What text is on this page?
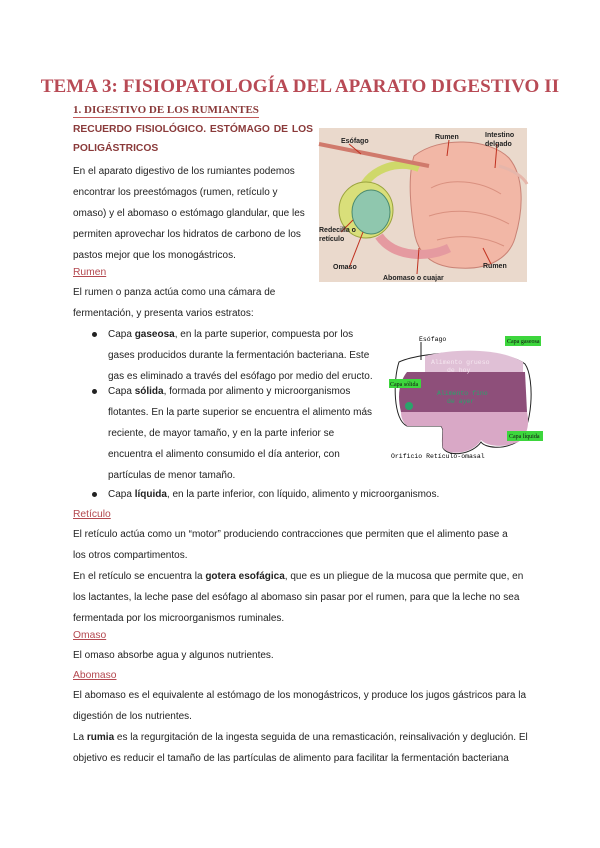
TEMA 3: FISIOPATOLOGÍA DEL APARATO DIGESTIVO II
1. DIGESTIVO DE LOS RUMIANTES
RECUERDO FISIOLÓGICO. ESTÓMAGO DE LOS POLIGÁSTRICOS
En el aparato digestivo de los rumiantes podemos
encontrar los preestómagos (rumen, retículo y
omaso) y el abomaso o estómago glandular, que les
permiten aprovechar los hidratos de carbono de los
pastos mejor que los monogástricos.
Rumen
El rumen o panza actúa como una cámara de
fermentación, y presenta varios estratos:
Capa gaseosa, en la parte superior, compuesta por los
gases producidos durante la fermentación bacteriana. Este
gas es eliminado a través del esófago por medio del eructo.
Capa sólida, formada por alimento y microorganismos
flotantes. En la parte superior se encuentra el alimento más
reciente, de mayor tamaño, y en la parte inferior se
encuentra el alimento consumido el día anterior, con
partículas de menor tamaño.
Capa líquida, en la parte inferior, con líquido, alimento y microorganismos.
Retículo
El retículo actúa como un “motor” produciendo contracciones que permiten que el alimento pase a
los otros compartimentos.
En el retículo se encuentra la gotera esofágica, que es un pliegue de la mucosa que permite que, en
los lactantes, la leche pase del esófago al abomaso sin pasar por el rumen, para que la leche no sea
fermentada por los microorganismos ruminales.
Omaso
El omaso absorbe agua y algunos nutrientes.
Abomaso
El abomaso es el equivalente al estómago de los monogástricos, y produce los jugos gástricos para la
digestión de los nutrientes.
La rumia es la regurgitación de la ingesta seguida de una remasticación, reinsalivación y deglución. El
objetivo es reducir el tamaño de las partículas de alimento para facilitar la fermentación bacteriana
Esófago
Rumen	Intestino
delgado
Redecilla o
retículo
Omaso
Abomaso o cuajar
Rumen
Esófago	Capa gaseosa
Alimento grueso
de hoy
Capa sólida
Alimento fino
de ayer
Capa líquida
Orificio Retículo-omasal
